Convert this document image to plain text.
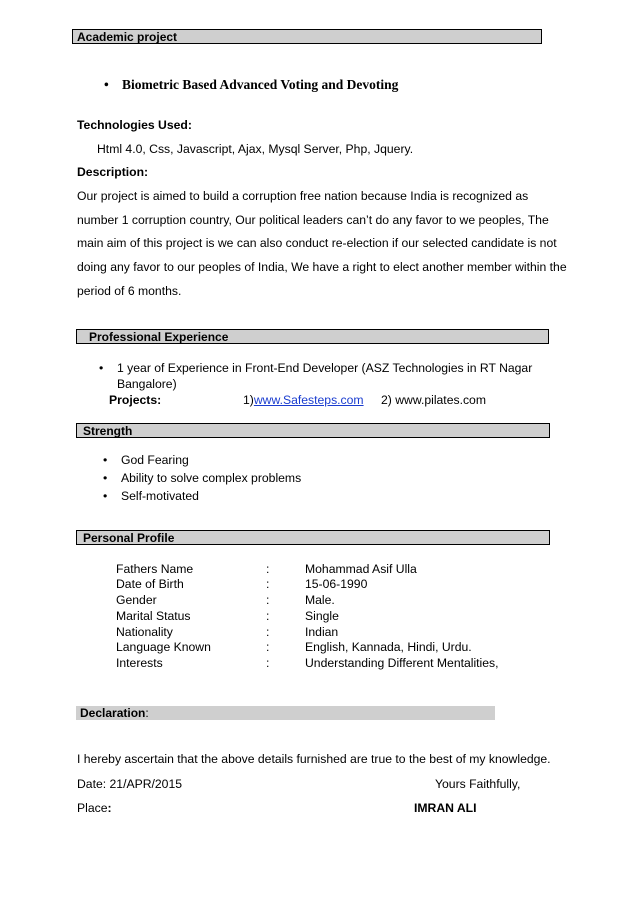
Academic project
• Biometric Based Advanced Voting and Devoting
Technologies Used:
Html 4.0, Css, Javascript, Ajax, Mysql Server, Php, Jquery.
Description:
Our project is aimed to build a corruption free nation because India is recognized as
number 1 corruption country, Our political leaders can’t do any favor to we peoples, The
main aim of this project is we can also conduct re-election if our selected candidate is not
doing any favor to our peoples of India, We have a right to elect another member within the
period of 6 months.
Professional Experience
• 1 year of Experience in Front-End Developer (ASZ Technologies in RT Nagar
Bangalore)
Projects:	1)www.Safesteps.com 2) www.pilates.com
Strength
• God Fearing
• Ability to solve complex problems
• Self-motivated
Personal Profile
Fathers Name	:	Mohammad Asif Ulla
Date of Birth	:	15-06-1990
Gender	:	Male.
Marital Status	:	Single
Nationality	:	Indian
Language Known	:	English, Kannada, Hindi, Urdu.
Interests	:	Understanding Different Mentalities,
Declaration:
I hereby ascertain that the above details furnished are true to the best of my knowledge.
Date: 21/APR/2015	Yours Faithfully,
Place:	IMRAN ALI
